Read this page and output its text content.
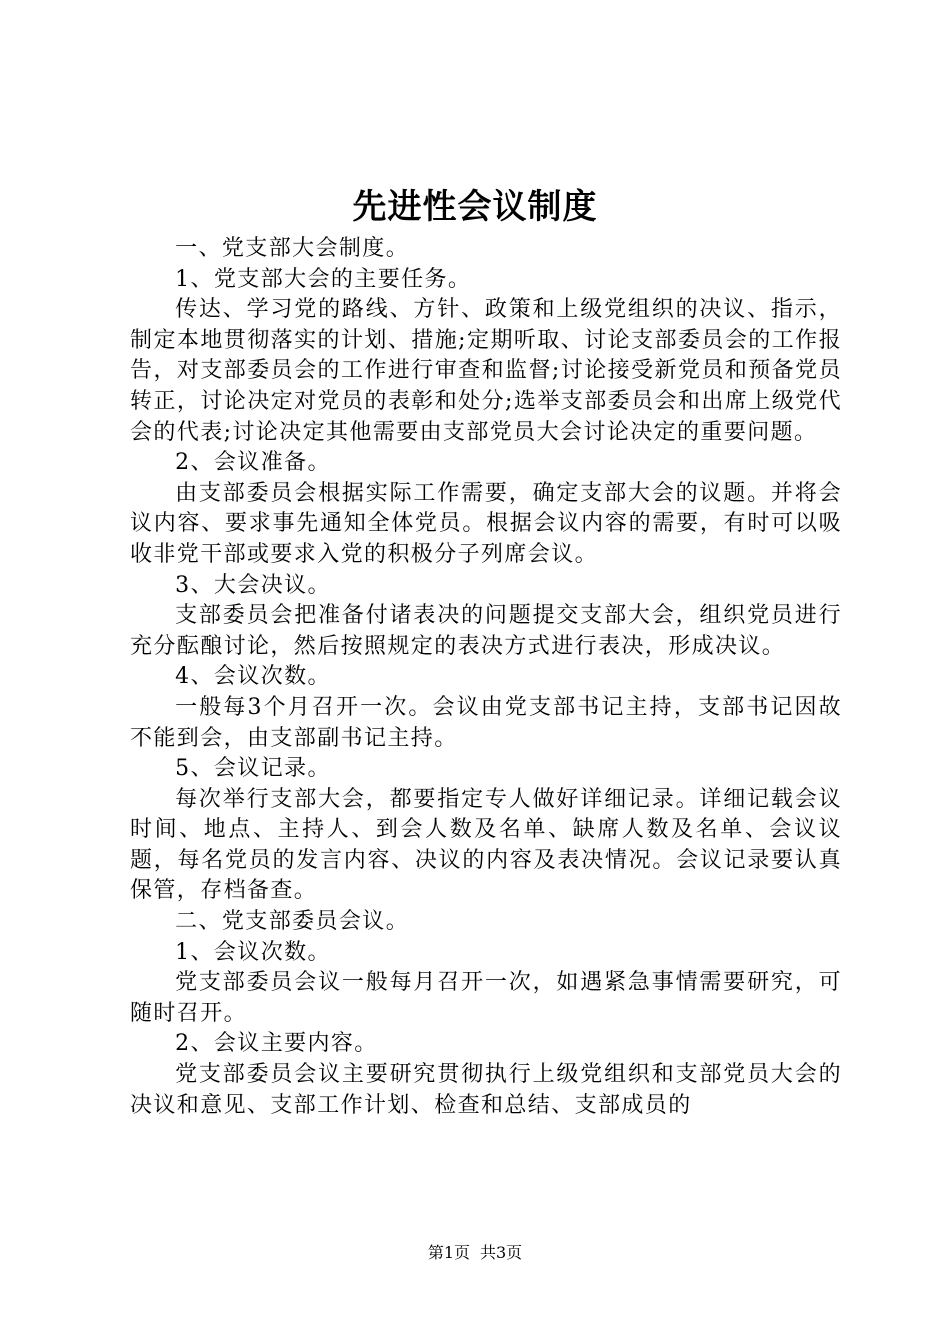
先进性会议制度

一、党支部大会制度。

1、党支部大会的主要任务。

传达、学习党的路线、方针、政策和上级党组织的决议、指示，制定本地贯彻落实的计划、措施;定期听取、讨论支部委员会的工作报告，对支部委员会的工作进行审查和监督;讨论接受新党员和预备党员转正，讨论决定对党员的表彰和处分;选举支部委员会和出席上级党代会的代表;讨论决定其他需要由支部党员大会讨论决定的重要问题。

2、会议准备。

由支部委员会根据实际工作需要，确定支部大会的议题。并将会议内容、要求事先通知全体党员。根据会议内容的需要，有时可以吸收非党干部或要求入党的积极分子列席会议。

3、大会决议。

支部委员会把准备付诸表决的问题提交支部大会，组织党员进行充分酝酿讨论，然后按照规定的表决方式进行表决，形成决议。

4、会议次数。

一般每3个月召开一次。会议由党支部书记主持，支部书记因故不能到会，由支部副书记主持。

5、会议记录。

每次举行支部大会，都要指定专人做好详细记录。详细记载会议时间、地点、主持人、到会人数及名单、缺席人数及名单、会议议题，每名党员的发言内容、决议的内容及表决情况。会议记录要认真保管，存档备查。

二、党支部委员会议。

1、会议次数。

党支部委员会议一般每月召开一次，如遇紧急事情需要研究，可随时召开。

2、会议主要内容。

党支部委员会议主要研究贯彻执行上级党组织和支部党员大会的决议和意见、支部工作计划、检查和总结、支部成员的

第1页 共3页
